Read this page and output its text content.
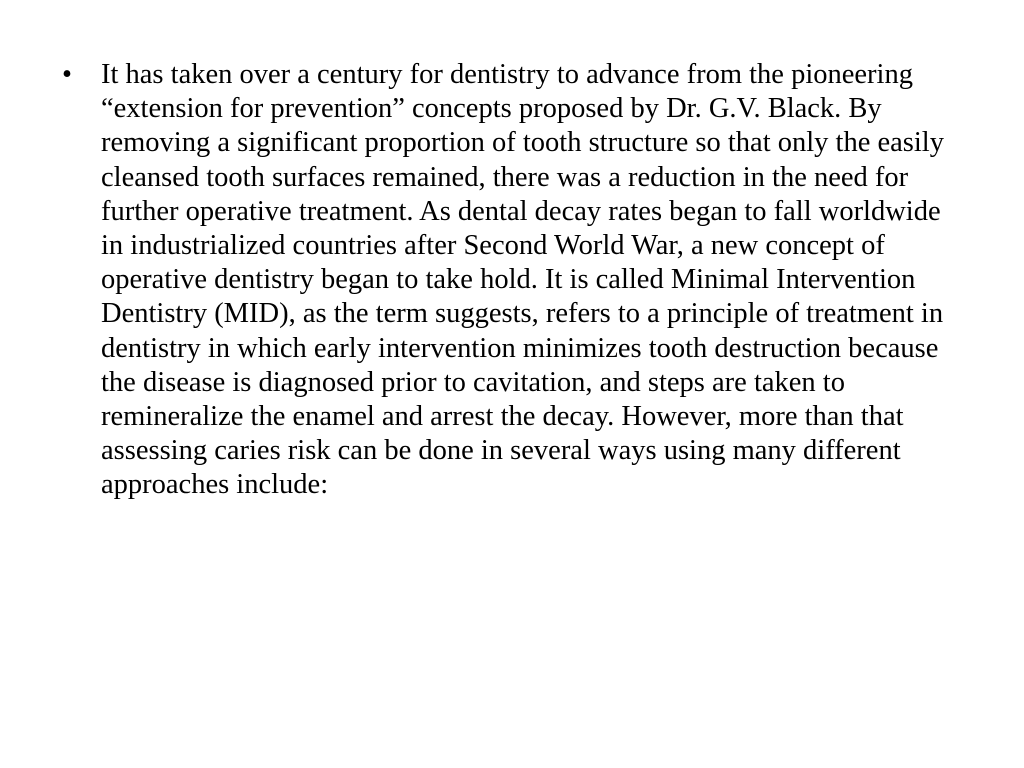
• It has taken over a century for dentistry to advance from the pioneering “extension for prevention” concepts proposed by Dr. G.V. Black. By removing a significant proportion of tooth structure so that only the easily cleansed tooth surfaces remained, there was a reduction in the need for further operative treatment. As dental decay rates began to fall worldwide in industrialized countries after Second World War, a new concept of operative dentistry began to take hold. It is called Minimal Intervention Dentistry (MID), as the term suggests, refers to a principle of treatment in dentistry in which early intervention minimizes tooth destruction because the disease is diagnosed prior to cavitation, and steps are taken to remineralize the enamel and arrest the decay. However, more than that assessing caries risk can be done in several ways using many different approaches include:
